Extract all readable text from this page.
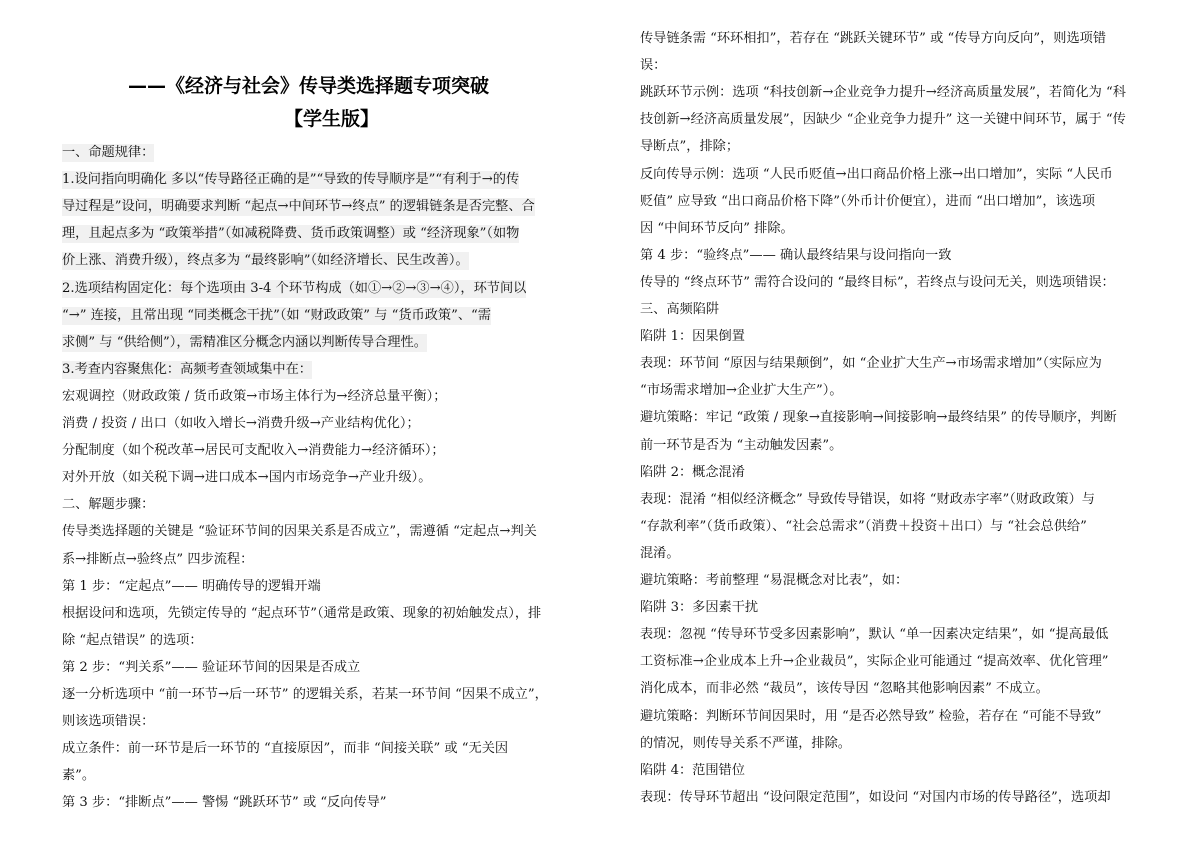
——《经济与社会》传导类选择题专项突破
【学生版】
一、命题规律：
1.设问指向明确化 多以“传导路径正确的是”“导致的传导顺序是”“有利于→的传
导过程是”设问，明确要求判断 “起点→中间环节→终点” 的逻辑链条是否完整、合
理，且起点多为 “政策举措”（如减税降费、货币政策调整）或 “经济现象”（如物
价上涨、消费升级），终点多为 “最终影响”（如经济增长、民生改善）。
2.选项结构固定化：每个选项由 3-4 个环节构成（如①→②→③→④），环节间以
“→” 连接，且常出现 “同类概念干扰”（如 “财政政策” 与 “货币政策”、“需
求侧” 与 “供给侧”），需精准区分概念内涵以判断传导合理性。
3.考查内容聚焦化：高频考查领域集中在：
宏观调控（财政政策 / 货币政策→市场主体行为→经济总量平衡）；
消费 / 投资 / 出口（如收入增长→消费升级→产业结构优化）；
分配制度（如个税改革→居民可支配收入→消费能力→经济循环）；
对外开放（如关税下调→进口成本→国内市场竞争→产业升级）。
二、解题步骤：
传导类选择题的关键是 “验证环节间的因果关系是否成立”，需遵循 “定起点→判关
系→排断点→验终点” 四步流程：
第 1 步：“定起点”—— 明确传导的逻辑开端
根据设问和选项，先锁定传导的 “起点环节”（通常是政策、现象的初始触发点），排
除 “起点错误” 的选项：
第 2 步：“判关系”—— 验证环节间的因果是否成立
逐一分析选项中 “前一环节→后一环节” 的逻辑关系，若某一环节间 “因果不成立”，
则该选项错误：
成立条件：前一环节是后一环节的 “直接原因”，而非 “间接关联” 或 “无关因
素”。
第 3 步：“排断点”—— 警惕 “跳跃环节” 或 “反向传导”
传导链条需 “环环相扣”，若存在 “跳跃关键环节” 或 “传导方向反向”，则选项错
误：
跳跃环节示例：选项 “科技创新→企业竞争力提升→经济高质量发展”，若简化为 “科
技创新→经济高质量发展”，因缺少 “企业竞争力提升” 这一关键中间环节，属于 “传
导断点”，排除；
反向传导示例：选项 “人民币贬值→出口商品价格上涨→出口增加”，实际 “人民币
贬值” 应导致 “出口商品价格下降”（外币计价便宜），进而 “出口增加”，该选项
因 “中间环节反向” 排除。
第 4 步：“验终点”—— 确认最终结果与设问指向一致
传导的 “终点环节” 需符合设问的 “最终目标”，若终点与设问无关，则选项错误：
三、高频陷阱
陷阱 1：因果倒置
表现：环节间 “原因与结果颠倒”，如 “企业扩大生产→市场需求增加”（实际应为
“市场需求增加→企业扩大生产”）。
避坑策略：牢记 “政策 / 现象→直接影响→间接影响→最终结果” 的传导顺序，判断
前一环节是否为 “主动触发因素”。
陷阱 2：概念混淆
表现：混淆 “相似经济概念” 导致传导错误，如将 “财政赤字率”（财政政策）与
“存款利率”（货币政策）、“社会总需求”（消费＋投资＋出口）与 “社会总供给”
混淆。
避坑策略：考前整理 “易混概念对比表”，如：
陷阱 3：多因素干扰
表现：忽视 “传导环节受多因素影响”，默认 “单一因素决定结果”，如 “提高最低
工资标准→企业成本上升→企业裁员”，实际企业可能通过 “提高效率、优化管理”
消化成本，而非必然 “裁员”，该传导因 “忽略其他影响因素” 不成立。
避坑策略：判断环节间因果时，用 “是否必然导致” 检验，若存在 “可能不导致”
的情况，则传导关系不严谨，排除。
陷阱 4：范围错位
表现：传导环节超出 “设问限定范围”，如设问 “对国内市场的传导路径”，选项却
